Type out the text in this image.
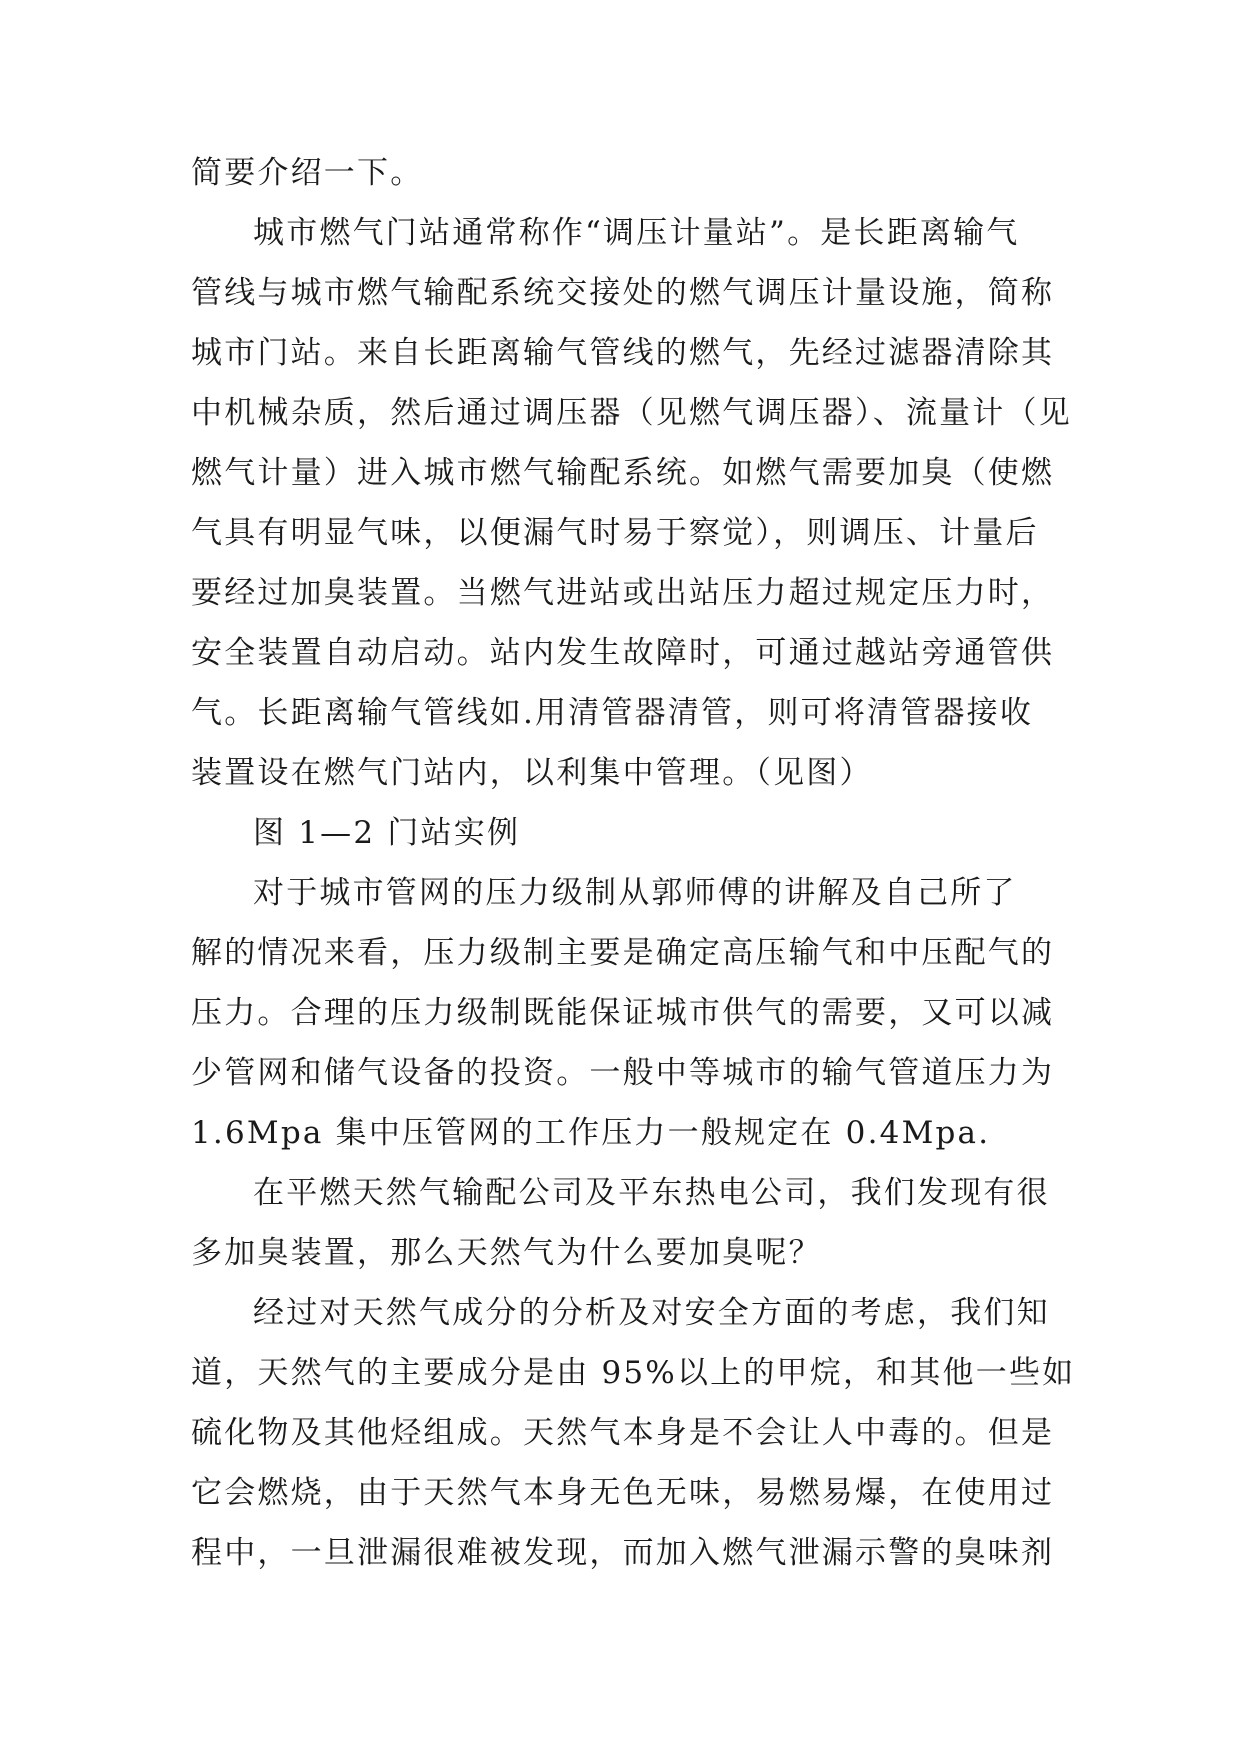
简要介绍一下。
城市燃气门站通常称作“调压计量站”。是长距离输气
管线与城市燃气输配系统交接处的燃气调压计量设施，简称
城市门站。来自长距离输气管线的燃气，先经过滤器清除其
中机械杂质，然后通过调压器（见燃气调压器）、流量计（见
燃气计量）进入城市燃气输配系统。如燃气需要加臭（使燃
气具有明显气味，以便漏气时易于察觉），则调压、计量后
要经过加臭装置。当燃气进站或出站压力超过规定压力时，
安全装置自动启动。站内发生故障时，可通过越站旁通管供
气。长距离输气管线如.用清管器清管，则可将清管器接收
装置设在燃气门站内，以利集中管理。（见图）
图 1—2 门站实例
对于城市管网的压力级制从郭师傅的讲解及自己所了
解的情况来看，压力级制主要是确定高压输气和中压配气的
压力。合理的压力级制既能保证城市供气的需要，又可以减
少管网和储气设备的投资。一般中等城市的输气管道压力为
1.6Mpa 集中压管网的工作压力一般规定在 0.4Mpa.
在平燃天然气输配公司及平东热电公司，我们发现有很
多加臭装置，那么天然气为什么要加臭呢？
经过对天然气成分的分析及对安全方面的考虑，我们知
道，天然气的主要成分是由 95%以上的甲烷，和其他一些如
硫化物及其他烃组成。天然气本身是不会让人中毒的。但是
它会燃烧，由于天然气本身无色无味，易燃易爆，在使用过
程中，一旦泄漏很难被发现，而加入燃气泄漏示警的臭味剂
